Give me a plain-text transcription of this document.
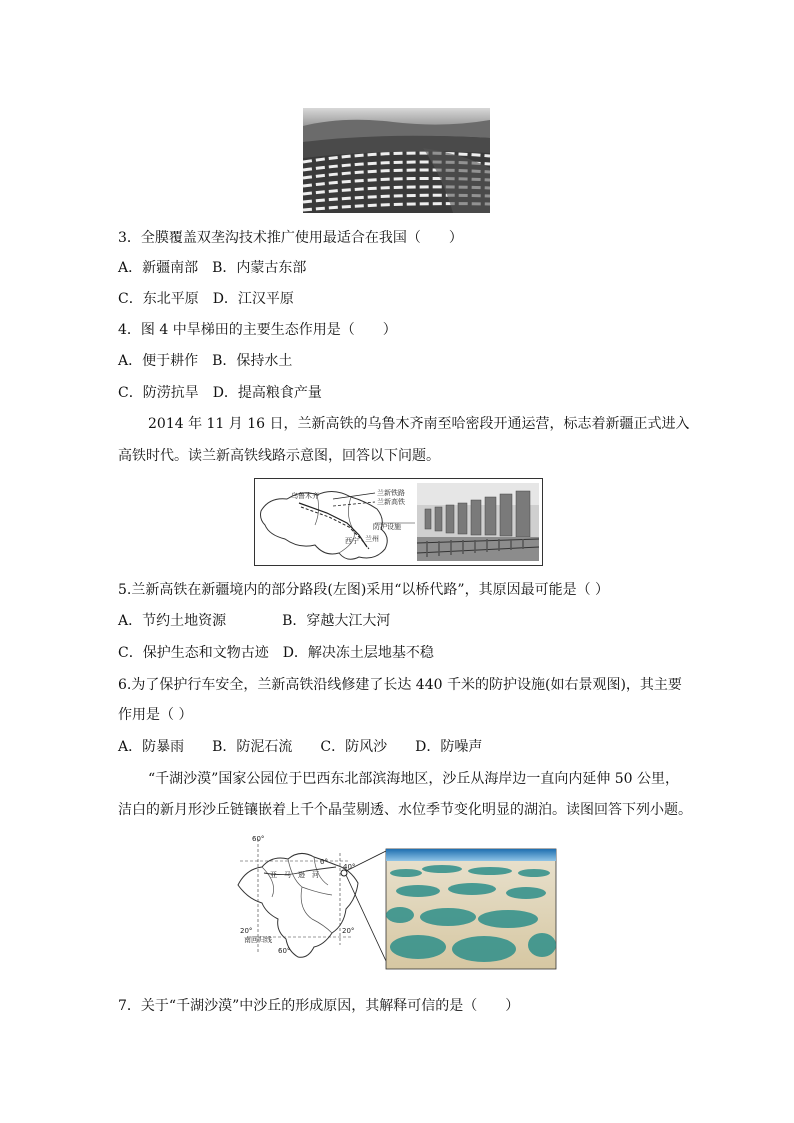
3．全膜覆盖双垄沟技术推广使用最适合在我国（　　）
A．新疆南部　B．内蒙古东部
C．东北平原　D．江汉平原
4．图 4 中旱梯田的主要生态作用是（　　）
A．便于耕作　B．保持水土
C．防涝抗旱　D．提高粮食产量
2014 年 11 月 16 日，兰新高铁的乌鲁木齐南至哈密段开通运营，标志着新疆正式进入
高铁时代。读兰新高铁线路示意图，回答以下问题。
乌鲁木齐	兰新铁路
兰新高铁
防护设施
西宁 兰州
5.兰新高铁在新疆境内的部分路段(左图)采用“以桥代路”，其原因最可能是（ ）
A．节约土地资源　　　　B．穿越大江大河
C．保护生态和文物古迹　D．解决冻土层地基不稳
6.为了保护行车安全，兰新高铁沿线修建了长达 440 千米的防护设施(如右景观图)，其主要
作用是（ ）
A．防暴雨　　B．防泥石流　　C．防风沙　　D．防噪声
“千湖沙漠”国家公园位于巴西东北部滨海地区，沙丘从海岸边一直向内延伸 50 公里，
洁白的新月形沙丘链镶嵌着上千个晶莹剔透、水位季节变化明显的湖泊。读图回答下列小题。
60°
0°
40°
亚　马　逊　河
20°	20°
南回归线
60°
7．关于“千湖沙漠”中沙丘的形成原因，其解释可信的是（　　）
